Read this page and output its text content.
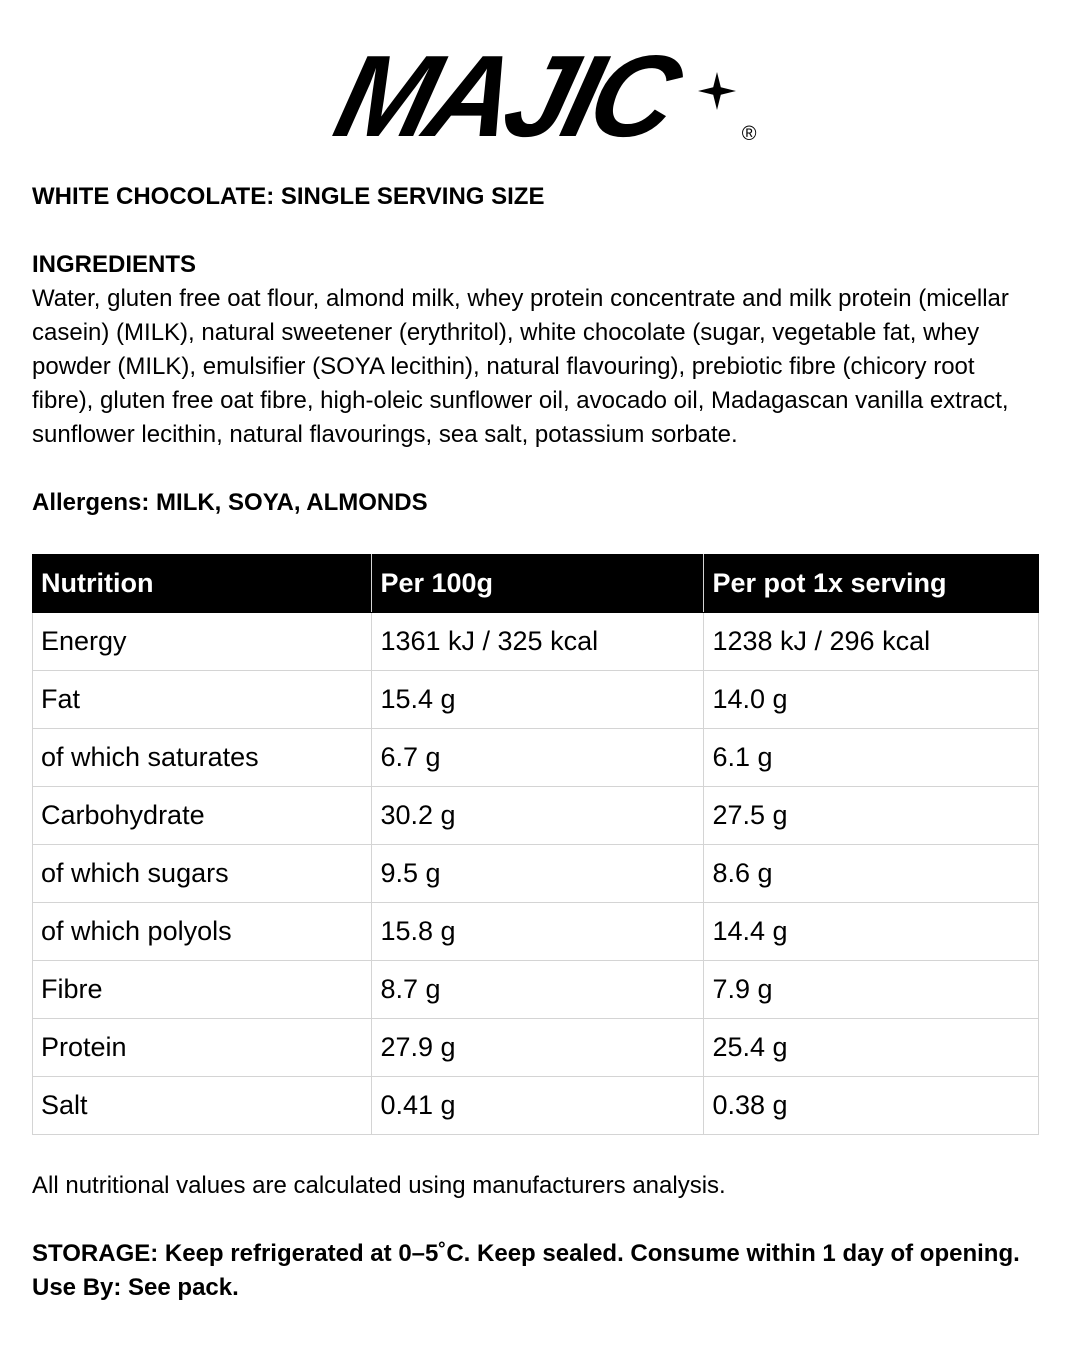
MAJIC	®

WHITE CHOCOLATE: SINGLE SERVING SIZE

INGREDIENTS

Water, gluten free oat flour, almond milk, whey protein concentrate and milk protein (micellar casein) (MILK), natural sweetener (erythritol), white chocolate (sugar, vegetable fat, whey powder (MILK), emulsifier (SOYA lecithin), natural flavouring), prebiotic fibre (chicory root fibre), gluten free oat fibre, high-oleic sunflower oil, avocado oil, Madagascan vanilla extract, sunflower lecithin, natural flavourings, sea salt, potassium sorbate.

Allergens: MILK, SOYA, ALMONDS

Nutrition	Per 100g	Per pot 1x serving
Energy	1361 kJ / 325 kcal	1238 kJ / 296 kcal
Fat	15.4 g	14.0 g
of which saturates	6.7 g	6.1 g
Carbohydrate	30.2 g	27.5 g
of which sugars	9.5 g	8.6 g
of which polyols	15.8 g	14.4 g
Fibre	8.7 g	7.9 g
Protein	27.9 g	25.4 g
Salt	0.41 g	0.38 g

All nutritional values are calculated using manufacturers analysis.

STORAGE: Keep refrigerated at 0–5˚C. Keep sealed. Consume within 1 day of opening. Use By: See pack.
